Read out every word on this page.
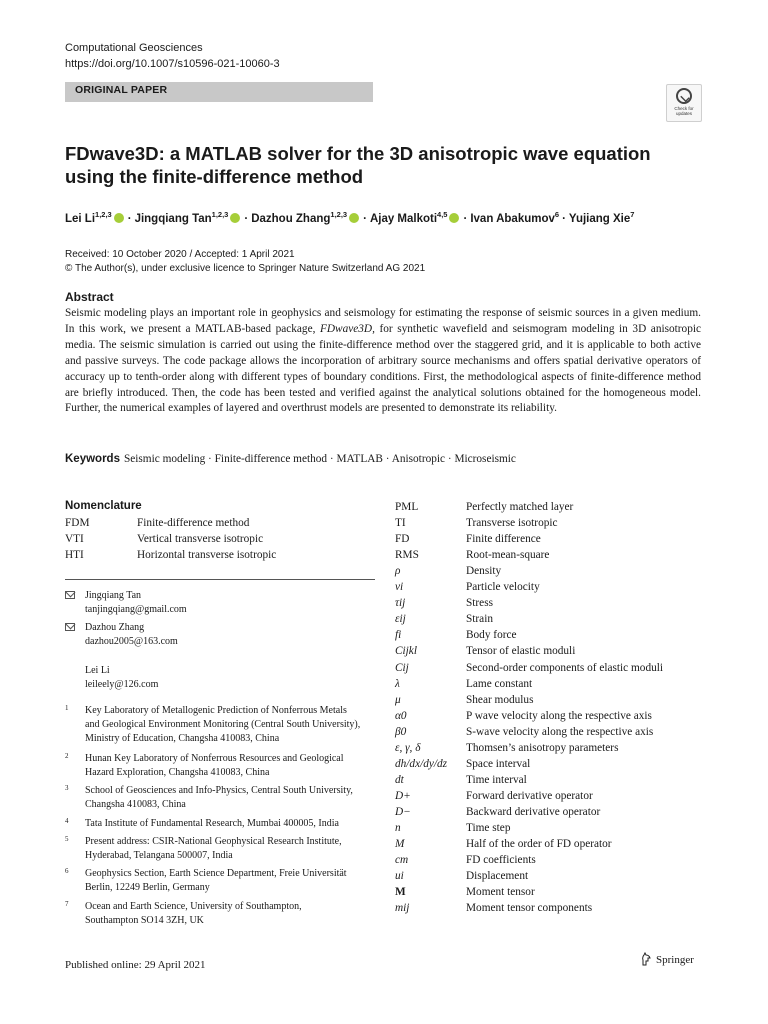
Computational Geosciences
https://doi.org/10.1007/s10596-021-10060-3
ORIGINAL PAPER
Check for updates
FDwave3D: a MATLAB solver for the 3D anisotropic wave equation
using the finite-difference method
Lei Li$^{1,2,3}$ · Jingqiang Tan$^{1,2,3}$ · Dazhou Zhang$^{1,2,3}$ · Ajay Malkoti$^{4,5}$ · Ivan Abakumov$^6$ · Yujiang Xie$^7$
Received: 10 October 2020 / Accepted: 1 April 2021
© The Author(s), under exclusive licence to Springer Nature Switzerland AG 2021
Abstract
Seismic modeling plays an important role in geophysics and seismology for estimating the response of seismic sources in a given medium. In this work, we present a MATLAB-based package, FDwave3D, for synthetic wavefield and seismogram modeling in 3D anisotropic media. The seismic simulation is carried out using the finite-difference method over the staggered grid, and it is applicable to both active and passive surveys. The code package allows the incorporation of arbitrary source mechanisms and offers spatial derivative operators of accuracy up to tenth-order along with different types of boundary conditions. First, the methodological aspects of finite-difference method are briefly introduced. Then, the code has been tested and verified against the analytical solutions obtained for the homogeneous model. Further, the numerical examples of layered and overthrust models are presented to demonstrate its reliability.
Keywords Seismic modeling · Finite-difference method · MATLAB · Anisotropic · Microseismic
Nomenclature
FDM	Finite-difference method
VTI	Vertical transverse isotropic
HTI	Horizontal transverse isotropic
Jingqiang Tan
tanjingqiang@gmail.com
Dazhou Zhang
dazhou2005@163.com
Lei Li
leileely@126.com
1 Key Laboratory of Metallogenic Prediction of Nonferrous Metals
and Geological Environment Monitoring (Central South University),
Ministry of Education, Changsha 410083, China
2 Hunan Key Laboratory of Nonferrous Resources and Geological
Hazard Exploration, Changsha 410083, China
3 School of Geosciences and Info-Physics, Central South University,
Changsha 410083, China
4 Tata Institute of Fundamental Research, Mumbai 400005, India
5 Present address: CSIR-National Geophysical Research Institute,
Hyderabad, Telangana 500007, India
6 Geophysics Section, Earth Science Department, Freie Universität
Berlin, 12249 Berlin, Germany
7 Ocean and Earth Science, University of Southampton,
Southampton SO14 3ZH, UK
PML	Perfectly matched layer
TI	Transverse isotropic
FD	Finite difference
RMS	Root-mean-square
ρ	Density
vi	Particle velocity
τij	Stress
εij	Strain
fi	Body force
Cijkl	Tensor of elastic moduli
Cij	Second-order components of elastic moduli
λ	Lame constant
μ	Shear modulus
α0	P wave velocity along the respective axis
β0	S-wave velocity along the respective axis
ε, γ, δ	Thomsen’s anisotropy parameters
dh/dx/dy/dz Space interval
dt	Time interval
D+	Forward derivative operator
D−	Backward derivative operator
n	Time step
M	Half of the order of FD operator
cm	FD coefficients
ui	Displacement
M	Moment tensor
mij	Moment tensor components
Published online: 29 April 2021	Springer
